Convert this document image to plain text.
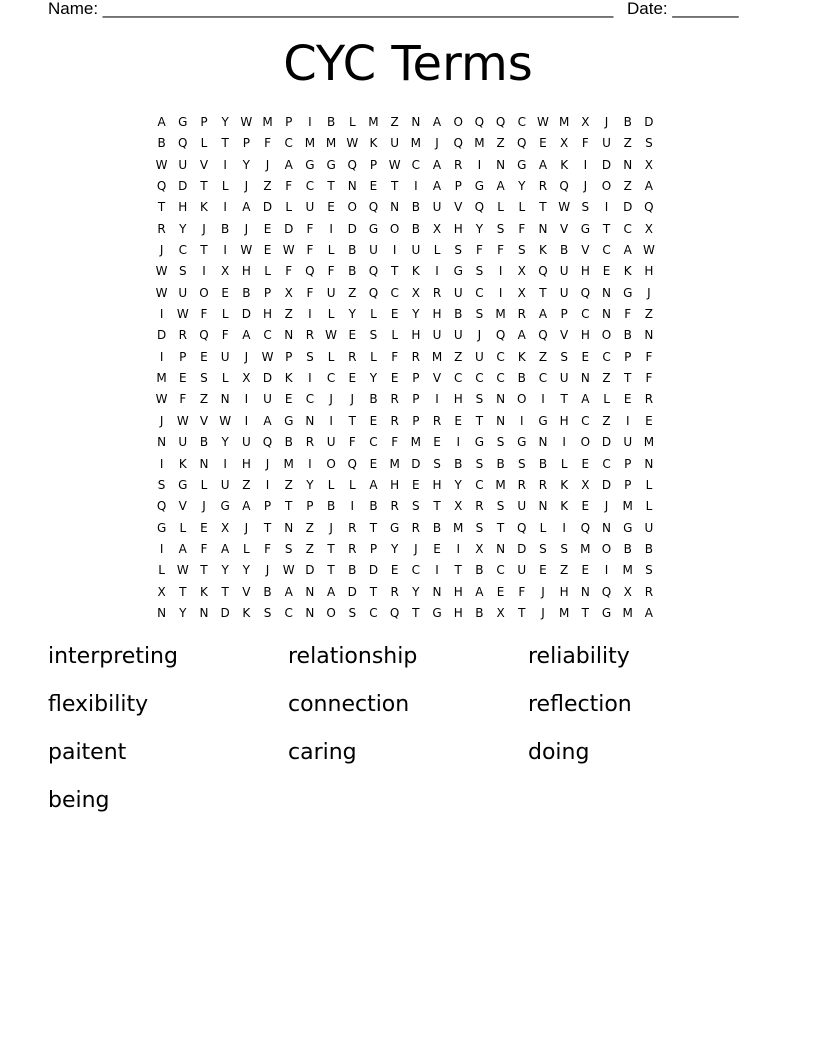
Name: ______________________________________________________ Date: _______
CYC Terms
A	G	P	Y W M	P	I	B	L	M Z	N	A	O Q Q	C W M X	J	B	D
B	Q	L	T	P	F	C M M W K	U M	J	Q M Z	Q	E	X	F	U	Z	S
W U	V	I	Y	J	A	G G Q	P W C	A	R	I	N	G	A	K	I	D	N	X
Q D	T	L	J	Z	F	C	T	N	E	T	I	A	P	G	A	Y	R	Q	J	O	Z	A
T	H	K	I	A	D	L	U	E	O Q N	B	U	V	Q	L	L	T W S	I	D Q
R	Y	J	B	J	E	D	F	I	D G O	B	X	H	Y	S	F	N	V	G	T	C	X
J	C	T	I	W E W F	L	B	U	I	U	L	S	F	F	S	K	B	V	C	A W
W S	I	X	H	L	F	Q	F	B	Q	T	K	I	G	S	I	X	Q	U	H	E	K	H
W U	O	E	B	P	X	F	U	Z	Q	C	X	R	U	C	I	X	T	U	Q N	G	J
I	W F	L	D	H	Z	I	L	Y	L	E	Y	H	B	S	M R	A	P	C	N	F	Z
D	R	Q	F	A	C	N	R W E	S	L	H	U	U	J	Q	A	Q	V	H O	B	N
I	P	E	U	J	W P	S	L	R	L	F	R M Z	U	C	K	Z	S	E	C	P	F
M	E	S	L	X	D	K	I	C	E	Y	E	P	V	C	C	C	B	C	U	N	Z	T	F
W F	Z	N	I	U	E	C	J	J	B	R	P	I	H	S	N O	I	T	A	L	E	R
J	W V W	I	A	G	N	I	T	E	R	P	R	E	T	N	I	G	H	C	Z	I	E
N	U	B	Y	U	Q	B	R	U	F	C	F	M	E	I	G	S	G	N	I	O D	U M
I	K	N	I	H	J	M	I	O Q	E	M D	S	B	S	B	S	B	L	E	C	P	N
S	G	L	U	Z	I	Z	Y	L	L	A	H	E	H	Y	C M R	R	K	X	D	P	L
Q	V	J	G	A	P	T	P	B	I	B	R	S	T	X	R	S	U	N	K	E	J	M	L
G	L	E	X	J	T	N	Z	J	R	T	G	R	B M	S	T	Q	L	I	Q N	G	U
I	A	F	A	L	F	S	Z	T	R	P	Y	J	E	I	X	N	D	S	S	M O	B	B
L W T	Y	Y	J	W D	T	B	D	E	C	I	T	B	C	U	E	Z	E	I	M	S
X	T	K	T	V	B	A	N	A	D	T	R	Y	N	H	A	E	F	J	H	N Q	X	R
N	Y	N	D	K	S	C	N O	S	C	Q	T	G	H	B	X	T	J	M	T	G M A
interpreting	relationship	reliability
flexibility	connection	reflection
paitent	caring	doing
being
